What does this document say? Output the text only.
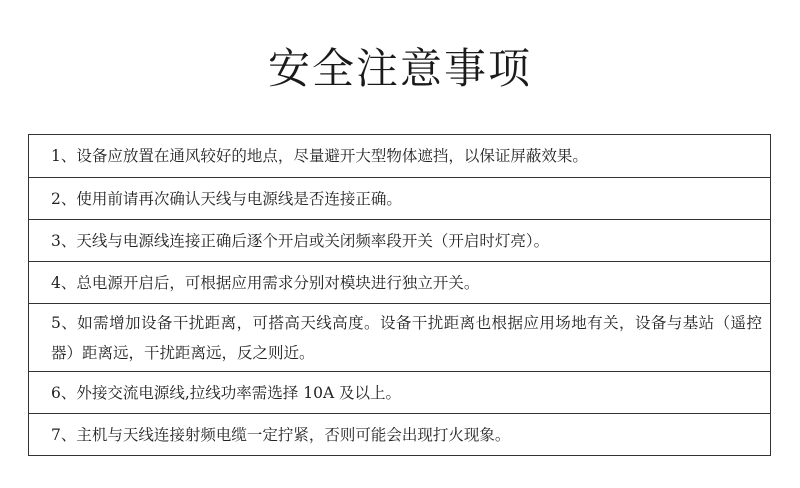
安全注意事项
1、设备应放置在通风较好的地点，尽量避开大型物体遮挡，以保证屏蔽效果。
2、使用前请再次确认天线与电源线是否连接正确。
3、天线与电源线连接正确后逐个开启或关闭频率段开关（开启时灯亮）。
4、总电源开启后，可根据应用需求分别对模块进行独立开关。
5、如需增加设备干扰距离，可搭高天线高度。设备干扰距离也根据应用场地有关，设备与基站（遥控器）距离远，干扰距离远，反之则近。
6、外接交流电源线,拉线功率需选择 10A 及以上。
7、主机与天线连接射频电缆一定拧紧，否则可能会出现打火现象。
